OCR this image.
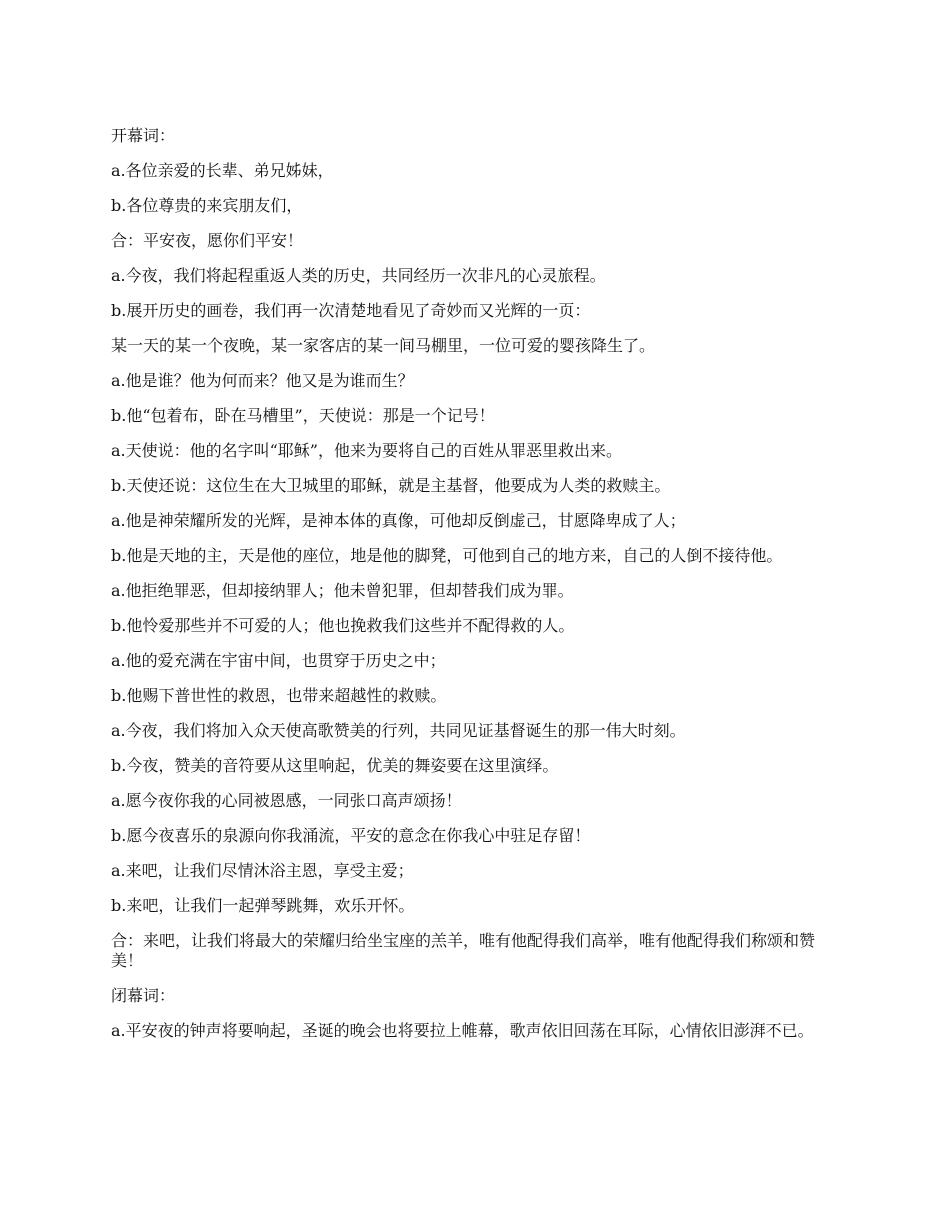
开幕词：

a.各位亲爱的长辈、弟兄姊妹，

b.各位尊贵的来宾朋友们，

合：平安夜，愿你们平安！

a.今夜，我们将起程重返人类的历史，共同经历一次非凡的心灵旅程。

b.展开历史的画卷，我们再一次清楚地看见了奇妙而又光辉的一页：

某一天的某一个夜晚，某一家客店的某一间马棚里，一位可爱的婴孩降生了。

a.他是谁？他为何而来？他又是为谁而生？

b.他“包着布，卧在马槽里”，天使说：那是一个记号！

a.天使说：他的名字叫“耶稣”，他来为要将自己的百姓从罪恶里救出来。

b.天使还说：这位生在大卫城里的耶稣，就是主基督，他要成为人类的救赎主。

a.他是神荣耀所发的光辉，是神本体的真像，可他却反倒虚己，甘愿降卑成了人；

b.他是天地的主，天是他的座位，地是他的脚凳，可他到自己的地方来，自己的人倒不接待他。

a.他拒绝罪恶，但却接纳罪人；他未曾犯罪，但却替我们成为罪。

b.他怜爱那些并不可爱的人；他也挽救我们这些并不配得救的人。

a.他的爱充满在宇宙中间，也贯穿于历史之中；

b.他赐下普世性的救恩，也带来超越性的救赎。

a.今夜，我们将加入众天使高歌赞美的行列，共同见证基督诞生的那一伟大时刻。

b.今夜，赞美的音符要从这里响起，优美的舞姿要在这里演绎。

a.愿今夜你我的心同被恩感，一同张口高声颂扬！

b.愿今夜喜乐的泉源向你我涌流，平安的意念在你我心中驻足存留！

a.来吧，让我们尽情沐浴主恩，享受主爱；

b.来吧，让我们一起弹琴跳舞，欢乐开怀。

合：来吧，让我们将最大的荣耀归给坐宝座的羔羊，唯有他配得我们高举，唯有他配得我们称颂和赞美！

闭幕词：

a.平安夜的钟声将要响起，圣诞的晚会也将要拉上帷幕，歌声依旧回荡在耳际，心情依旧澎湃不已。
